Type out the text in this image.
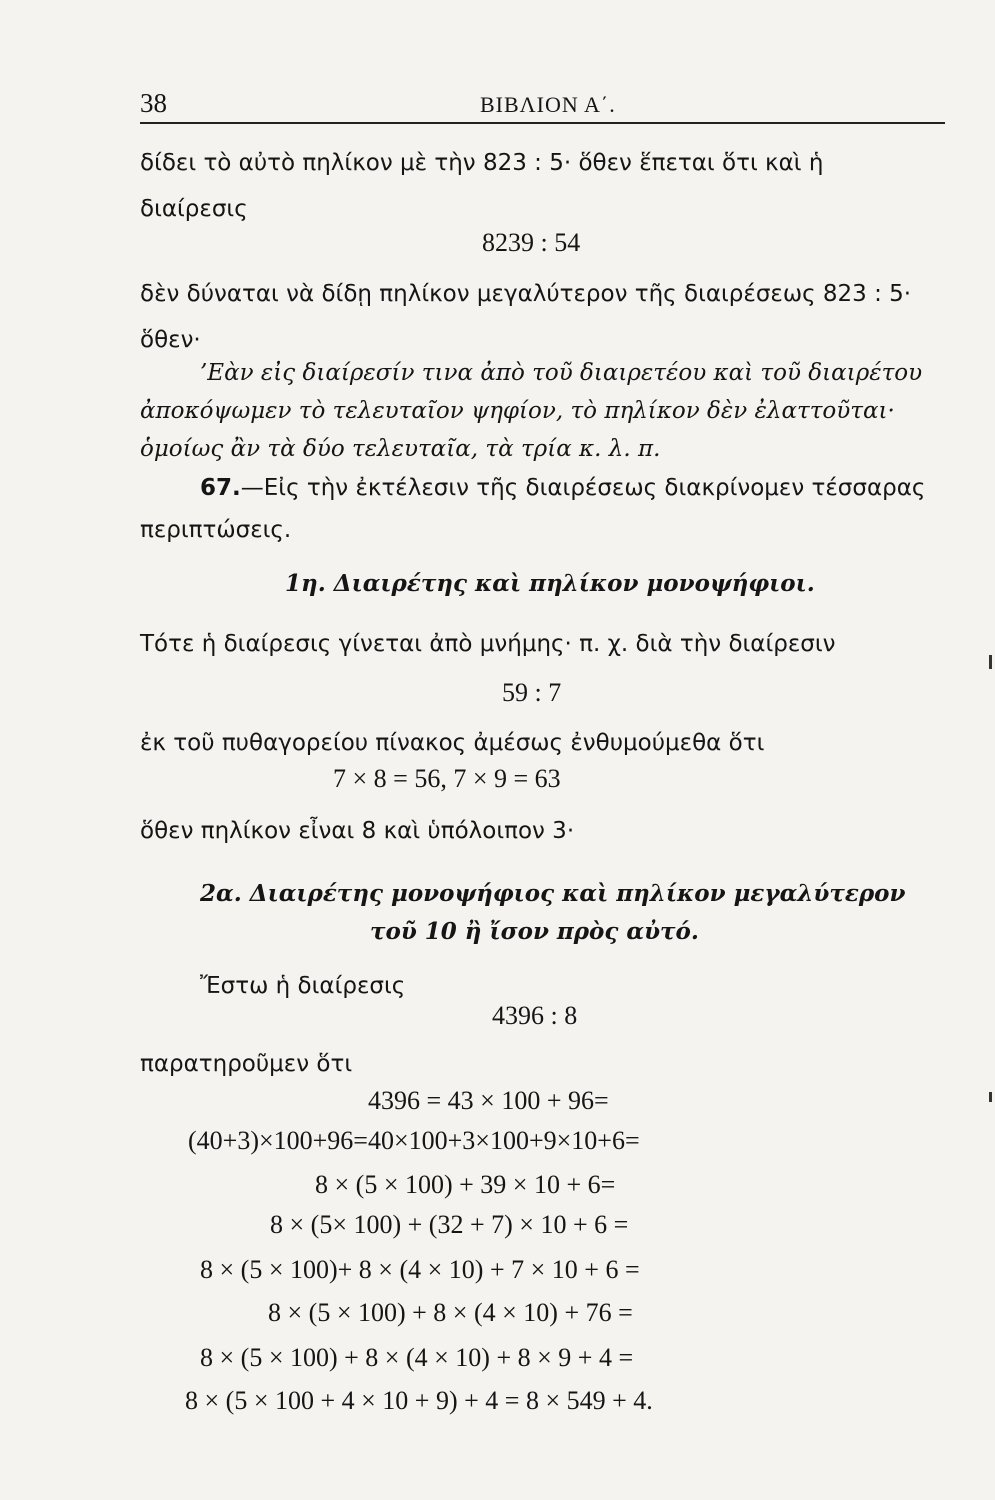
38	ΒΙΒΛΙΟΝ Α΄.
δίδει τὸ αὐτὸ πηλίκον μὲ τὴν 823 : 5· ὅθεν ἕπεται ὅτι καὶ ἡ
διαίρεσις
8239 : 54
δὲν δύναται νὰ δίδῃ πηλίκον μεγαλύτερον τῆς διαιρέσεως 823 : 5·
ὅθεν·
’Εὰν εἰς διαίρεσίν τινα ἀπὸ τοῦ διαιρετέου καὶ τοῦ διαιρέτου
ἀποκόψωμεν τὸ τελευταῖον ψηφίον, τὸ πηλίκον δὲν ἐλαττοῦται·
ὁμοίως ἂν τὰ δύο τελευταῖα, τὰ τρία κ. λ. π.
67.—Εἰς τὴν ἐκτέλεσιν τῆς διαιρέσεως διακρίνομεν τέσσαρας
περιπτώσεις.
1η. Διαιρέτης καὶ πηλίκον μονοψήφιοι.
Τότε ἡ διαίρεσις γίνεται ἀπὸ μνήμης· π. χ. διὰ τὴν διαίρεσιν
59 : 7
ἐκ τοῦ πυθαγορείου πίνακος ἀμέσως ἐνθυμούμεθα ὅτι
7 × 8 = 56, 7 × 9 = 63
ὅθεν πηλίκον εἶναι 8 καὶ ὑπόλοιπον 3·
2α. Διαιρέτης μονοψήφιος καὶ πηλίκον μεγαλύτερον
τοῦ 10 ἢ ἴσον πρὸς αὐτό.
Ἔστω ἡ διαίρεσις
4396 : 8
παρατηροῦμεν ὅτι
4396 = 43 × 100 + 96=
(40+3)×100+96=40×100+3×100+9×10+6=
8 × (5 × 100) + 39 × 10 + 6=
8 × (5× 100) + (32 + 7) × 10 + 6 =
8 × (5 × 100)+ 8 × (4 × 10) + 7 × 10 + 6 =
8 × (5 × 100) + 8 × (4 × 10) + 76 =
8 × (5 × 100) + 8 × (4 × 10) + 8 × 9 + 4 =
8 × (5 × 100 + 4 × 10 + 9) + 4 = 8 × 549 + 4.
